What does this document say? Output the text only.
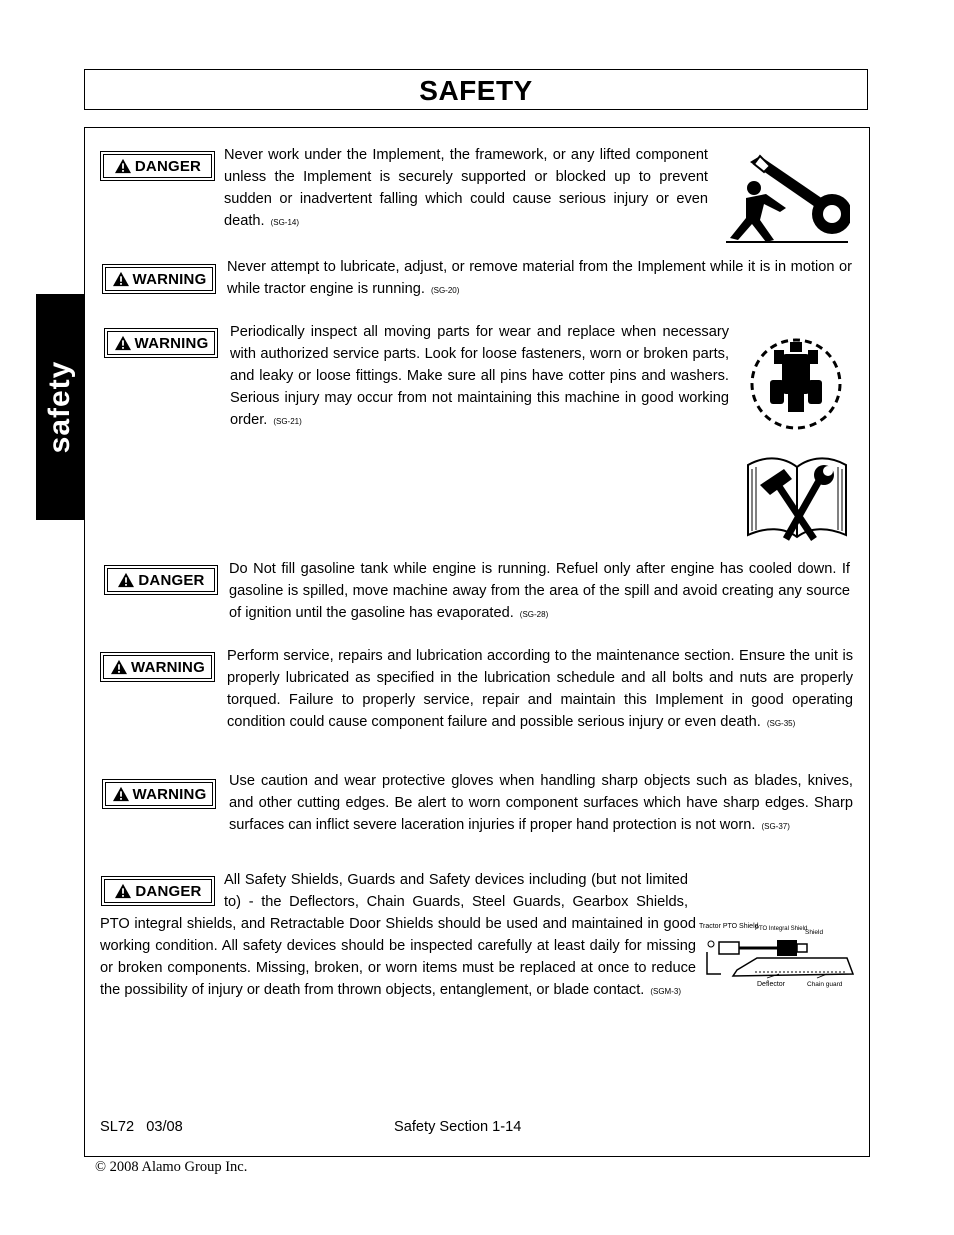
SAFETY
safety
DANGER

Never work under the Implement, the framework, or any lifted component unless the Implement is securely supported or blocked up to prevent sudden or inadvertent falling which could cause serious injury or even death. (SG-14)

WARNING

Never attempt to lubricate, adjust, or remove material from the Implement while it is in motion or while tractor engine is running. (SG-20)

WARNING

Periodically inspect all moving parts for wear and replace when necessary with authorized service parts. Look for loose fasteners, worn or broken parts, and leaky or loose fittings. Make sure all pins have cotter pins and washers. Serious injury may occur from not maintaining this machine in good working order. (SG-21)

DANGER

Do Not fill gasoline tank while engine is running. Refuel only after engine has cooled down. If gasoline is spilled, move machine away from the area of the spill and avoid creating any source of ignition until the gasoline has evaporated. (SG-28)

WARNING

Perform service, repairs and lubrication according to the maintenance section. Ensure the unit is properly lubricated as specified in the lubrication schedule and all bolts and nuts are properly torqued. Failure to properly service, repair and maintain this Implement in good operating condition could cause component failure and possible serious injury or even death. (SG-35)

WARNING

Use caution and wear protective gloves when handling sharp objects such as blades, knives, and other cutting edges. Be alert to worn component surfaces which have sharp edges. Sharp surfaces can inflict severe laceration injuries if proper hand protection is not worn. (SG-37)

DANGER

All Safety Shields, Guards and Safety devices including (but not limited to) - the Deflectors, Chain Guards, Steel Guards, Gearbox Shields, PTO integral shields, and Retractable Door Shields should be used and maintained in good working condition. All safety devices should be inspected carefully at least daily for missing or broken components. Missing, broken, or worn items must be replaced at once to reduce the possibility of injury or death from thrown objects, entanglement, or blade contact. (SGM-3)

Tractor PTO Shield
PTO Integral Shield
Shield
Deflector	Chain guard
SL72   03/08	Safety Section 1-14
© 2008 Alamo Group Inc.
